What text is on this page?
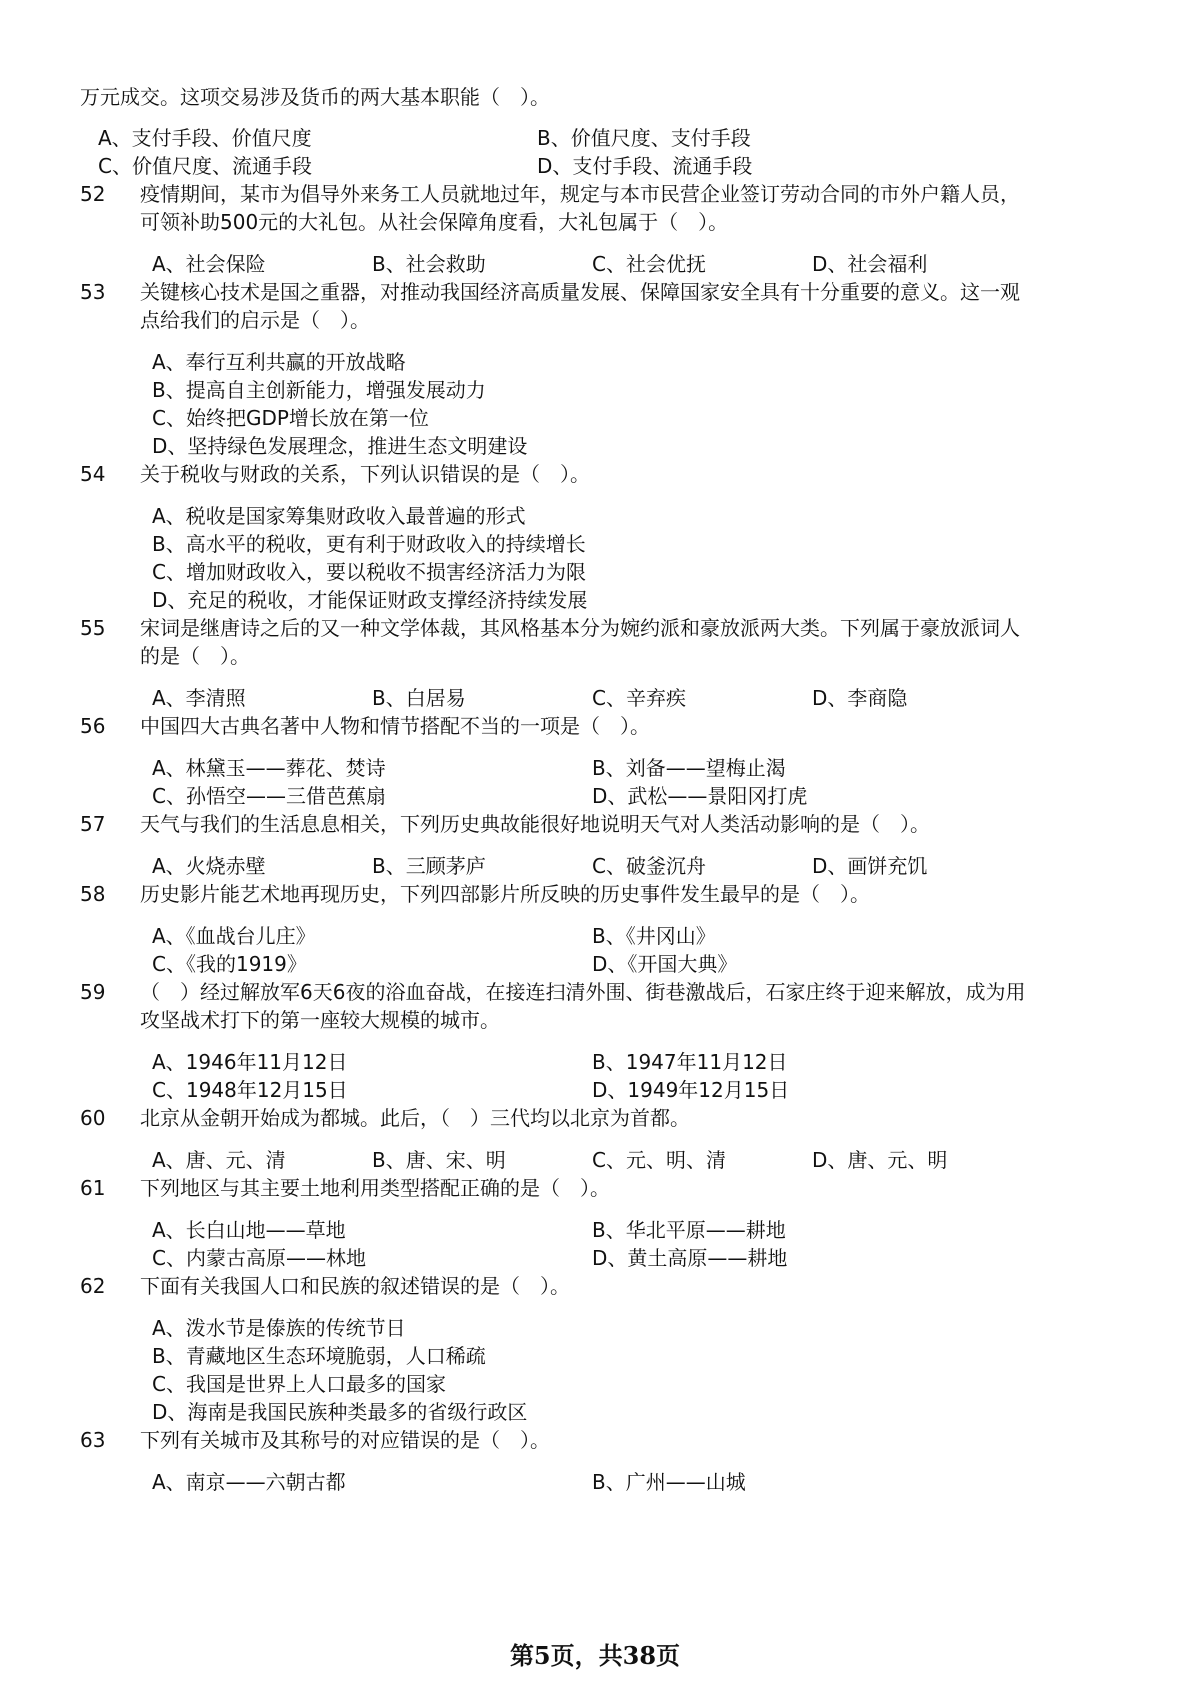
万元成交。这项交易涉及货币的两大基本职能（　）。
A、支付手段、价值尺度	B、价值尺度、支付手段
C、价值尺度、流通手段	D、支付手段、流通手段
52	疫情期间，某市为倡导外来务工人员就地过年，规定与本市民营企业签订劳动合同的市外户籍人员，
可领补助500元的大礼包。从社会保障角度看，大礼包属于（　）。
A、社会保险	B、社会救助	C、社会优抚	D、社会福利
53	关键核心技术是国之重器，对推动我国经济高质量发展、保障国家安全具有十分重要的意义。这一观
点给我们的启示是（　）。
A、奉行互利共赢的开放战略
B、提高自主创新能力，增强发展动力
C、始终把GDP增长放在第一位
D、坚持绿色发展理念，推进生态文明建设
54	关于税收与财政的关系，下列认识错误的是（　）。
A、税收是国家筹集财政收入最普遍的形式
B、高水平的税收，更有利于财政收入的持续增长
C、增加财政收入，要以税收不损害经济活力为限
D、充足的税收，才能保证财政支撑经济持续发展
55	宋词是继唐诗之后的又一种文学体裁，其风格基本分为婉约派和豪放派两大类。下列属于豪放派词人
的是（　）。
A、李清照	B、白居易	C、辛弃疾	D、李商隐
56	中国四大古典名著中人物和情节搭配不当的一项是（　）。
A、林黛玉——葬花、焚诗	B、刘备——望梅止渴
C、孙悟空——三借芭蕉扇	D、武松——景阳冈打虎
57	天气与我们的生活息息相关，下列历史典故能很好地说明天气对人类活动影响的是（　）。
A、火烧赤壁	B、三顾茅庐	C、破釜沉舟	D、画饼充饥
58	历史影片能艺术地再现历史，下列四部影片所反映的历史事件发生最早的是（　）。
A、《血战台儿庄》	B、《井冈山》
C、《我的1919》	D、《开国大典》
59	（　）经过解放军6天6夜的浴血奋战，在接连扫清外围、街巷激战后，石家庄终于迎来解放，成为用
攻坚战术打下的第一座较大规模的城市。
A、1946年11月12日	B、1947年11月12日
C、1948年12月15日	D、1949年12月15日
60	北京从金朝开始成为都城。此后，（　）三代均以北京为首都。
A、唐、元、清	B、唐、宋、明	C、元、明、清	D、唐、元、明
61	下列地区与其主要土地利用类型搭配正确的是（　）。
A、长白山地——草地	B、华北平原——耕地
C、内蒙古高原——林地	D、黄土高原——耕地
62	下面有关我国人口和民族的叙述错误的是（　）。
A、泼水节是傣族的传统节日
B、青藏地区生态环境脆弱，人口稀疏
C、我国是世界上人口最多的国家
D、海南是我国民族种类最多的省级行政区
63	下列有关城市及其称号的对应错误的是（　）。
A、南京——六朝古都	B、广州——山城
第5页，共38页
